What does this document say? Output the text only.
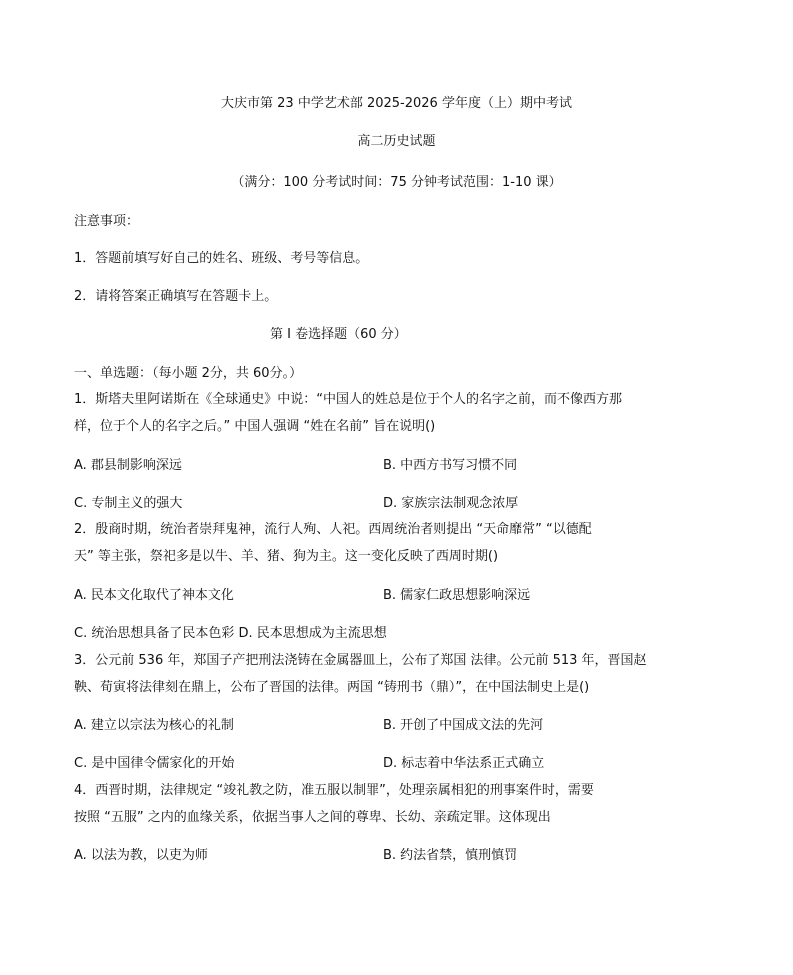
大庆市第 23 中学艺术部 2025-2026 学年度（上）期中考试
高二历史试题
（满分：100 分考试时间：75 分钟考试范围：1-10 课）
注意事项：
1．答题前填写好自己的姓名、班级、考号等信息。
2．请将答案正确填写在答题卡上。
第 I 卷选择题（60 分）
一、单选题：（每小题 2分，共 60分。）
1．斯塔夫里阿诺斯在《全球通史》中说：“中国人的姓总是位于个人的名字之前，而不像西方那
样，位于个人的名字之后。” 中国人强调 “姓在名前” 旨在说明()
A. 郡县制影响深远	B. 中西方书写习惯不同
C. 专制主义的强大	D. 家族宗法制观念浓厚
2．殷商时期，统治者崇拜鬼神，流行人殉、人祀。西周统治者则提出 “天命靡常” “以德配
天” 等主张，祭祀多是以牛、羊、猪、狗为主。这一变化反映了西周时期()
A. 民本文化取代了神本文化	B. 儒家仁政思想影响深远
C. 统治思想具备了民本色彩 D. 民本思想成为主流思想
3．公元前 536 年，郑国子产把刑法浇铸在金属器皿上，公布了郑国 法律。公元前 513 年，晋国赵
鞅、荀寅将法律刻在鼎上，公布了晋国的法律。两国 “铸刑书（鼎）”，在中国法制史上是()
A. 建立以宗法为核心的礼制	B. 开创了中国成文法的先河
C. 是中国律令儒家化的开始	D. 标志着中华法系正式确立
4．西晋时期，法律规定 “竣礼教之防，准五服以制罪”，处理亲属相犯的刑事案件时，需要
按照 “五服” 之内的血缘关系，依据当事人之间的尊卑、长幼、亲疏定罪。这体现出
A. 以法为教，以吏为师	B. 约法省禁，慎刑慎罚
